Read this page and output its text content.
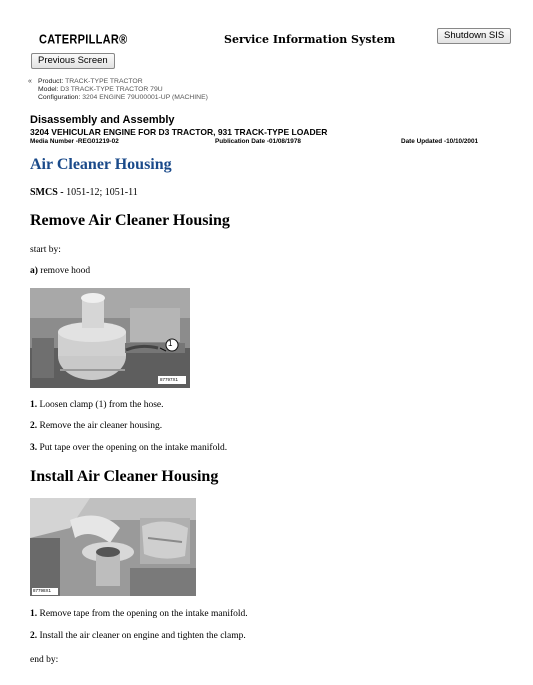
CATERPILLAR®	Service Information System	Shutdown SIS
Previous Screen
« Product: TRACK-TYPE TRACTOR
Model: D3 TRACK-TYPE TRACTOR 79U
Configuration: 3204 ENGINE 79U00001-UP (MACHINE)
Disassembly and Assembly
3204 VEHICULAR ENGINE FOR D3 TRACTOR, 931 TRACK-TYPE LOADER
Media Number -REG01219-02	Publication Date -01/08/1978	Date Updated -10/10/2001
Air Cleaner Housing
SMCS - 1051-12; 1051-11
Remove Air Cleaner Housing
start by:
a) remove hood
1
87797X1
1. Loosen clamp (1) from the hose.
2. Remove the air cleaner housing.
3. Put tape over the opening on the intake manifold.
Install Air Cleaner Housing
87798X1
1. Remove tape from the opening on the intake manifold.
2. Install the air cleaner on engine and tighten the clamp.
end by:
